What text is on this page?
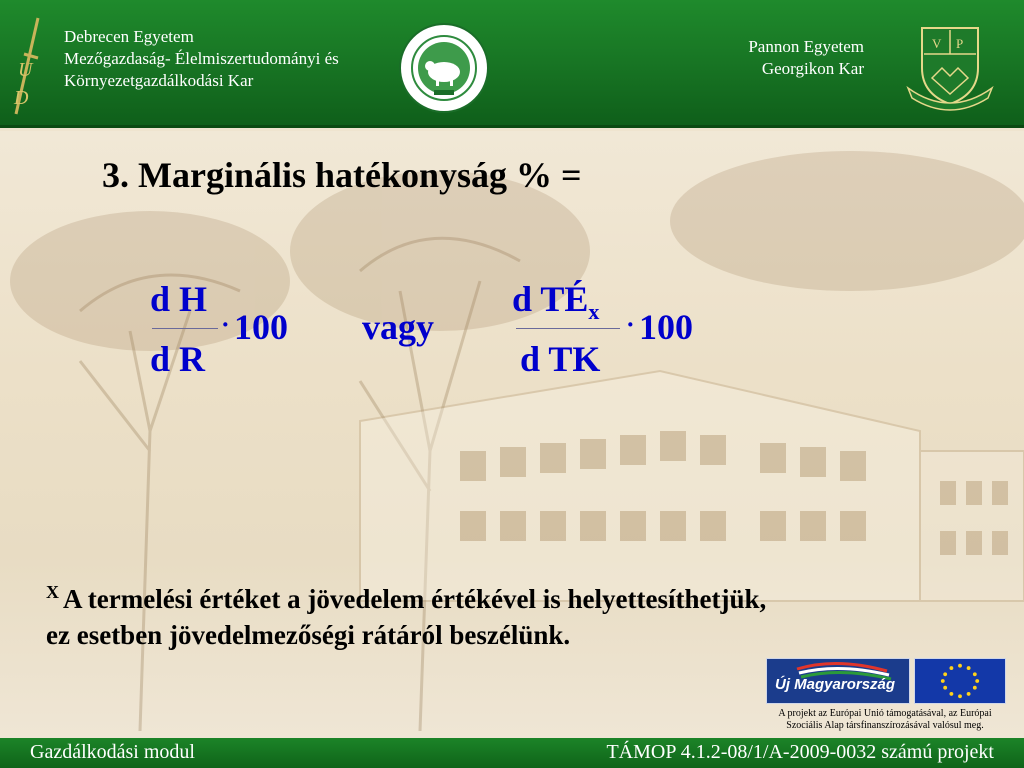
U
D
Debrecen Egyetem
Mezőgazdaság- Élelmiszertudományi és
Környezetgazdálkodási Kar
Pannon Egyetem
Georgikon Kar
V P
3. Marginális hatékonyság % =
d H
d R
· 100 vagy
d $TÉ_x$
d TK
· 100
$^X$ A termelési értéket a jövedelem értékével is helyettesíthetjük,
ez esetben jövedelmezőségi rátáról beszélünk.
Új Magyarország
A projekt az Európai Unió támogatásával, az Európai
Szociális Alap társfinanszírozásával valósul meg.
Gazdálkodási modul	TÁMOP 4.1.2-08/1/A-2009-0032 számú projekt
